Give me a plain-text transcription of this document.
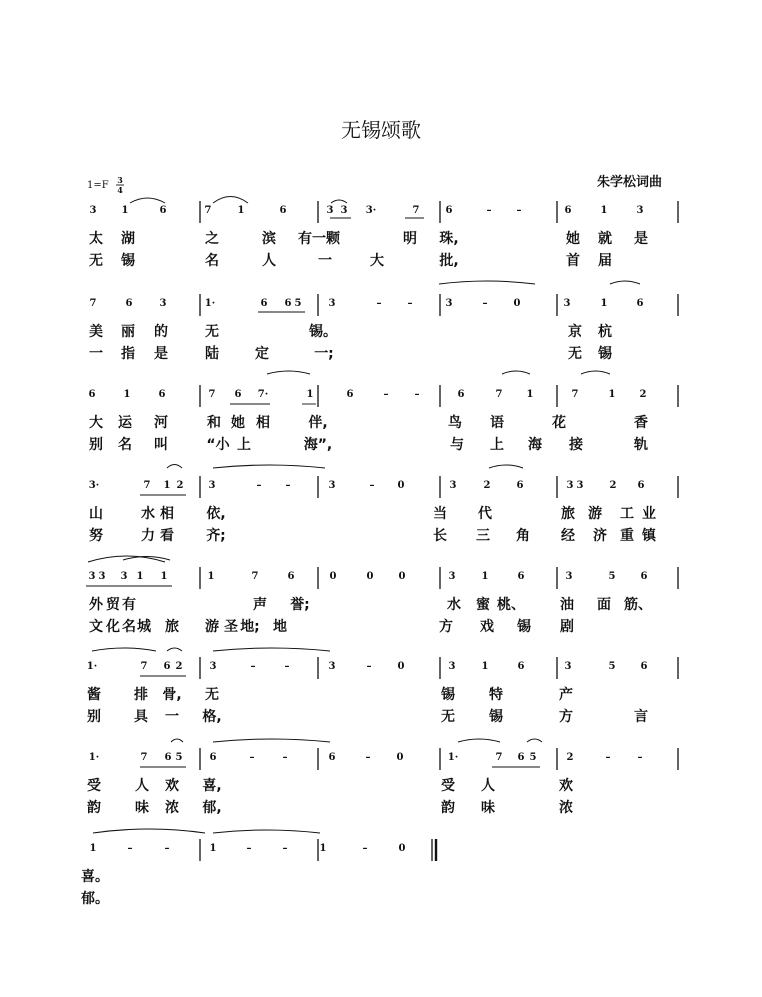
无锡颂歌
朱学松词曲
1=F 3
4
3	1	6	7	1	6	3 3 3·	7	6	–	–	6	1	3
太 湖	之	滨 有一颗	明 珠,	她 就 是
无 锡	名	人	一	大	批,	首 届
7	6	3	1·	6 6 5	3	–	–	3	–	0	3	1	6
美 丽 的	无	锡。	京 杭
一 指 是	陆	定	一;	无 锡
6	1	6	7 6 7·	1	6	–	–	6	7 1	7	1 2
大 运 河	和 她 相	伴,	鸟 语	花	香
别 名 叫	“小 上	海”,	与 上 海 接	轨
3·	7 1 2	3	– –	3	– 0	3	2	6	3 3	2 6
山	水 相 依,	当 代	旅 游 工 业
努	力 看 齐;	长 三 角 经 济 重 镇
3 3 3 1 1	1	7	6	0	0	0	3	1	6	3	5	6
外 贸 有	声 誉;	水 蜜 桃、	油 面 筋、
文 化 名 城 旅 游 圣 地; 地	方 戏 锡 剧
1·	7 6 2	3	–	–	3	–	0	3	1	6	3	5	6
酱 排 骨, 无	锡 特	产
别 具 一 格,	无 锡	方	言
1·	7 6 5	6	–	–	6	–	0	1·	7 6 5	2	–	–
受 人 欢 喜,	受 人	欢
韵 味 浓 郁,	韵 味	浓
1	–	–	1	–	–	1	–	0
喜。
郁。
